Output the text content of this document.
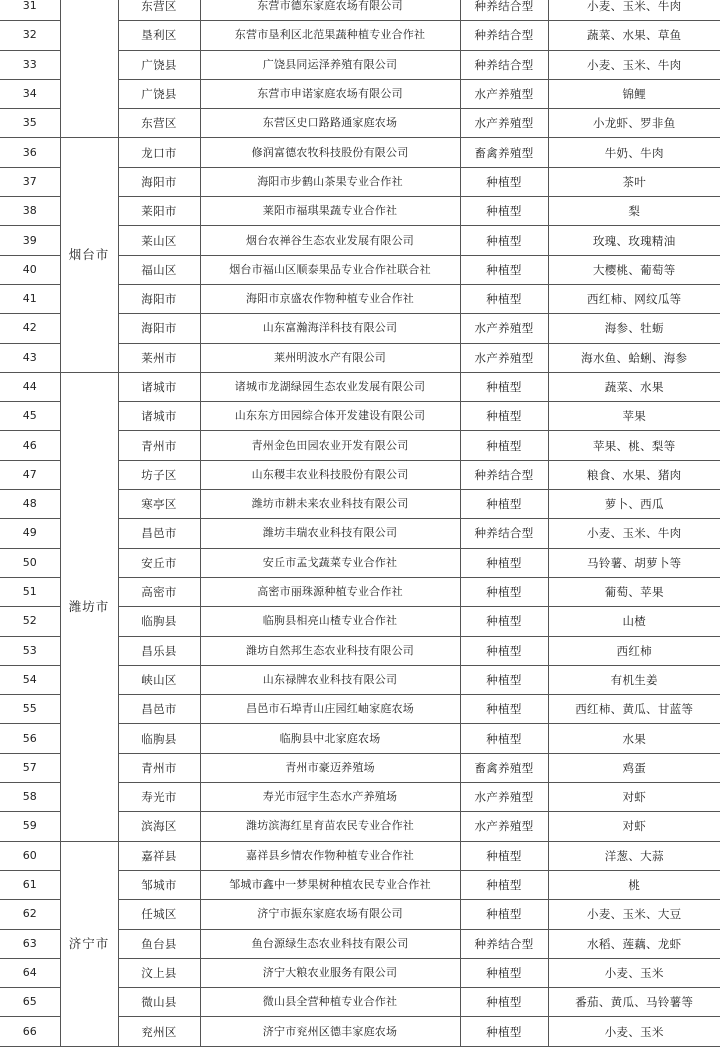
31		东营区	东营市德东家庭农场有限公司	种养结合型	小麦、玉米、牛肉
32		垦利区	东营市垦利区北范果蔬种植专业合作社	种养结合型	蔬菜、水果、草鱼
33		广饶县	广饶县同运泽养殖有限公司	种养结合型	小麦、玉米、牛肉
34		广饶县	东营市申诺家庭农场有限公司	水产养殖型	锦鲤
35		东营区	东营区史口路路通家庭农场	水产养殖型	小龙虾、罗非鱼
36	烟台市	龙口市	修润富德农牧科技股份有限公司	畜禽养殖型	牛奶、牛肉
37		海阳市	海阳市步鹤山茶果专业合作社	种植型	茶叶
38		莱阳市	莱阳市福琪果蔬专业合作社	种植型	梨
39		莱山区	烟台农禅谷生态农业发展有限公司	种植型	玫瑰、玫瑰精油
40		福山区	烟台市福山区顺泰果品专业合作社联合社	种植型	大樱桃、葡萄等
41		海阳市	海阳市京盛农作物种植专业合作社	种植型	西红柿、网纹瓜等
42		海阳市	山东富瀚海洋科技有限公司	水产养殖型	海参、牡蛎
43		莱州市	莱州明波水产有限公司	水产养殖型	海水鱼、蛤蜊、海参
44	潍坊市	诸城市	诸城市龙湖绿园生态农业发展有限公司	种植型	蔬菜、水果
45		诸城市	山东东方田园综合体开发建设有限公司	种植型	苹果
46		青州市	青州金色田园农业开发有限公司	种植型	苹果、桃、梨等
47		坊子区	山东稷丰农业科技股份有限公司	种养结合型	粮食、水果、猪肉
48		寒亭区	潍坊市耕未来农业科技有限公司	种植型	萝卜、西瓜
49		昌邑市	潍坊丰瑞农业科技有限公司	种养结合型	小麦、玉米、牛肉
50		安丘市	安丘市孟戈蔬菜专业合作社	种植型	马铃薯、胡萝卜等
51		高密市	高密市丽珠源种植专业合作社	种植型	葡萄、苹果
52		临朐县	临朐县相亮山楂专业合作社	种植型	山楂
53		昌乐县	潍坊自然邦生态农业科技有限公司	种植型	西红柿
54		峡山区	山东禄牌农业科技有限公司	种植型	有机生姜
55		昌邑市	昌邑市石埠青山庄园红岫家庭农场	种植型	西红柿、黄瓜、甘蓝等
56		临朐县	临朐县中北家庭农场	种植型	水果
57		青州市	青州市豪迈养殖场	畜禽养殖型	鸡蛋
58		寿光市	寿光市冠宇生态水产养殖场	水产养殖型	对虾
59		滨海区	潍坊滨海红星育苗农民专业合作社	水产养殖型	对虾
60	济宁市	嘉祥县	嘉祥县乡情农作物种植专业合作社	种植型	洋葱、大蒜
61		邹城市	邹城市鑫中一梦果树种植农民专业合作社	种植型	桃
62		任城区	济宁市振东家庭农场有限公司	种植型	小麦、玉米、大豆
63		鱼台县	鱼台源绿生态农业科技有限公司	种养结合型	水稻、莲藕、龙虾
64		汶上县	济宁大粮农业服务有限公司	种植型	小麦、玉米
65		微山县	微山县全营种植专业合作社	种植型	番茄、黄瓜、马铃薯等
66		兖州区	济宁市兖州区德丰家庭农场	种植型	小麦、玉米
